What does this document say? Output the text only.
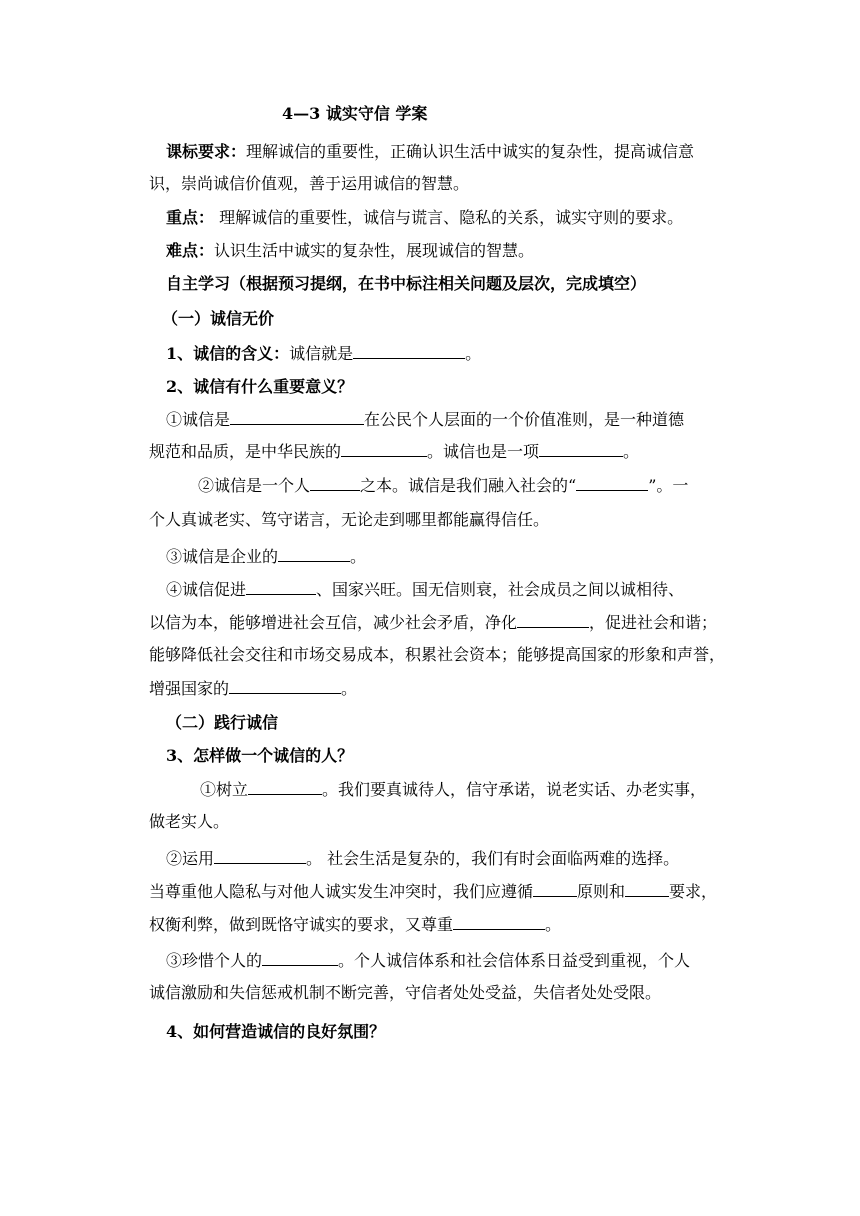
4—3 诚实守信 学案
课标要求：理解诚信的重要性，正确认识生活中诚实的复杂性，提高诚信意
识，崇尚诚信价值观，善于运用诚信的智慧。
重点： 理解诚信的重要性，诚信与谎言、隐私的关系，诚实守则的要求。
难点：认识生活中诚实的复杂性，展现诚信的智慧。
自主学习（根据预习提纲，在书中标注相关问题及层次，完成填空）
（一）诚信无价
1、诚信的含义：诚信就是	。
2、诚信有什么重要意义？
①诚信是	在公民个人层面的一个价值准则，是一种道德
规范和品质，是中华民族的	。诚信也是一项	。
②诚信是一个人	之本。诚信是我们融入社会的“	”。一
个人真诚老实、笃守诺言，无论走到哪里都能赢得信任。
③诚信是企业的	。
④诚信促进	、国家兴旺。国无信则衰，社会成员之间以诚相待、
以信为本，能够增进社会互信，减少社会矛盾，净化	，促进社会和谐；
能够降低社会交往和市场交易成本，积累社会资本；能够提高国家的形象和声誉，
增强国家的	。
（二）践行诚信
3、怎样做一个诚信的人？
①树立	。我们要真诚待人，信守承诺，说老实话、办老实事，
做老实人。
②运用	。 社会生活是复杂的，我们有时会面临两难的选择。
当尊重他人隐私与对他人诚实发生冲突时，我们应遵循	原则和	要求，
权衡利弊，做到既恪守诚实的要求，又尊重	。
③珍惜个人的	。个人诚信体系和社会信体系日益受到重视，个人
诚信激励和失信惩戒机制不断完善，守信者处处受益，失信者处处受限。
4、如何营造诚信的良好氛围？
